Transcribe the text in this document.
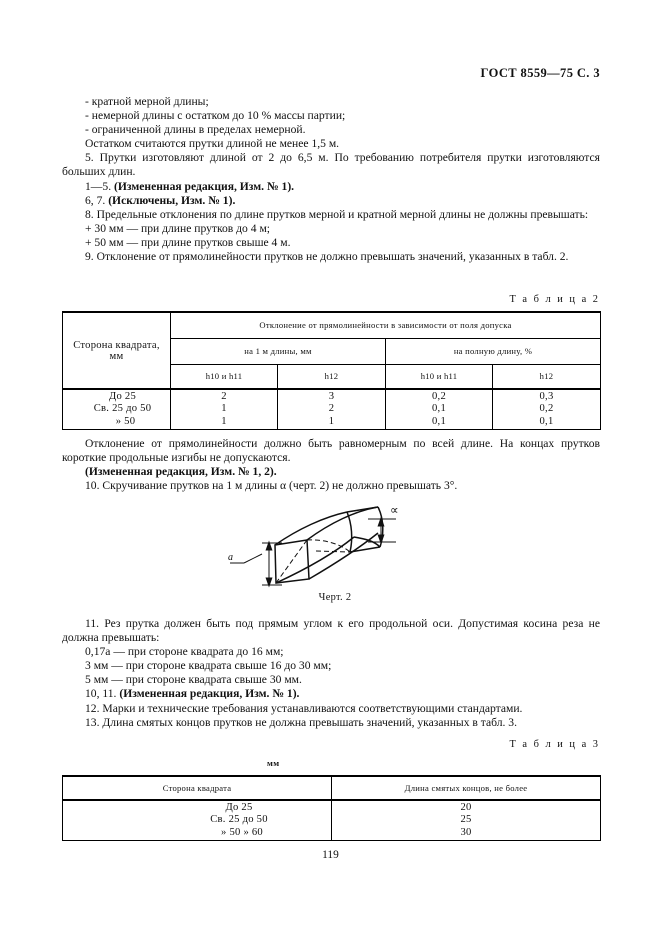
ГОСТ 8559—75 С. 3

- кратной мерной длины;

- немерной длины с остатком до 10 % массы партии;

- ограниченной длины в пределах немерной.

Остатком считаются прутки длиной не менее 1,5 м.

5. Прутки изготовляют длиной от 2 до 6,5 м. По требованию потребителя прутки изготовляются больших длин.

1—5. (Измененная редакция, Изм. № 1).

6, 7. (Исключены, Изм. № 1).

8. Предельные отклонения по длине прутков мерной и кратной мерной длины не должны превышать:

+ 30 мм — при длине прутков до 4 м;

+ 50 мм — при длине прутков свыше 4 м.

9. Отклонение от прямолинейности прутков не должно превышать значений, указанных в табл. 2.

Т а б л и ц а 2
Сторона квадрата, мм	Отклонение от прямолинейности в зависимости от поля допуска			
	на 1 м длины, мм		на полную длину, %	
	h10 и h11	h12	h10 и h11	h12
До 25	2	3	0,2	0,3
Св. 25 до 50	1	2	0,1	0,2
» 50	1	1	0,1	0,1

Отклонение от прямолинейности должно быть равномерным по всей длине. На концах прутков короткие продольные изгибы не допускаются.

(Измененная редакция, Изм. № 1, 2).

10. Скручивание прутков на 1 м длины α (черт. 2) не должно превышать 3°.

а
∝
Черт. 2

11. Рез прутка должен быть под прямым углом к его продольной оси. Допустимая косина реза не должна превышать:

0,17а — при стороне квадрата до 16 мм;

3 мм — при стороне квадрата свыше 16 до 30 мм;

5 мм — при стороне квадрата свыше 30 мм.

10, 11. (Измененная редакция, Изм. № 1).

12. Марки и технические требования устанавливаются соответствующими стандартами.

13. Длина смятых концов прутков не должна превышать значений, указанных в табл. 3.

Т а б л и ц а 3
мм
Сторона квадрата	Длина смятых концов, не более
До 25	20
Св. 25 до 50	25
» 50 » 60	30
119
